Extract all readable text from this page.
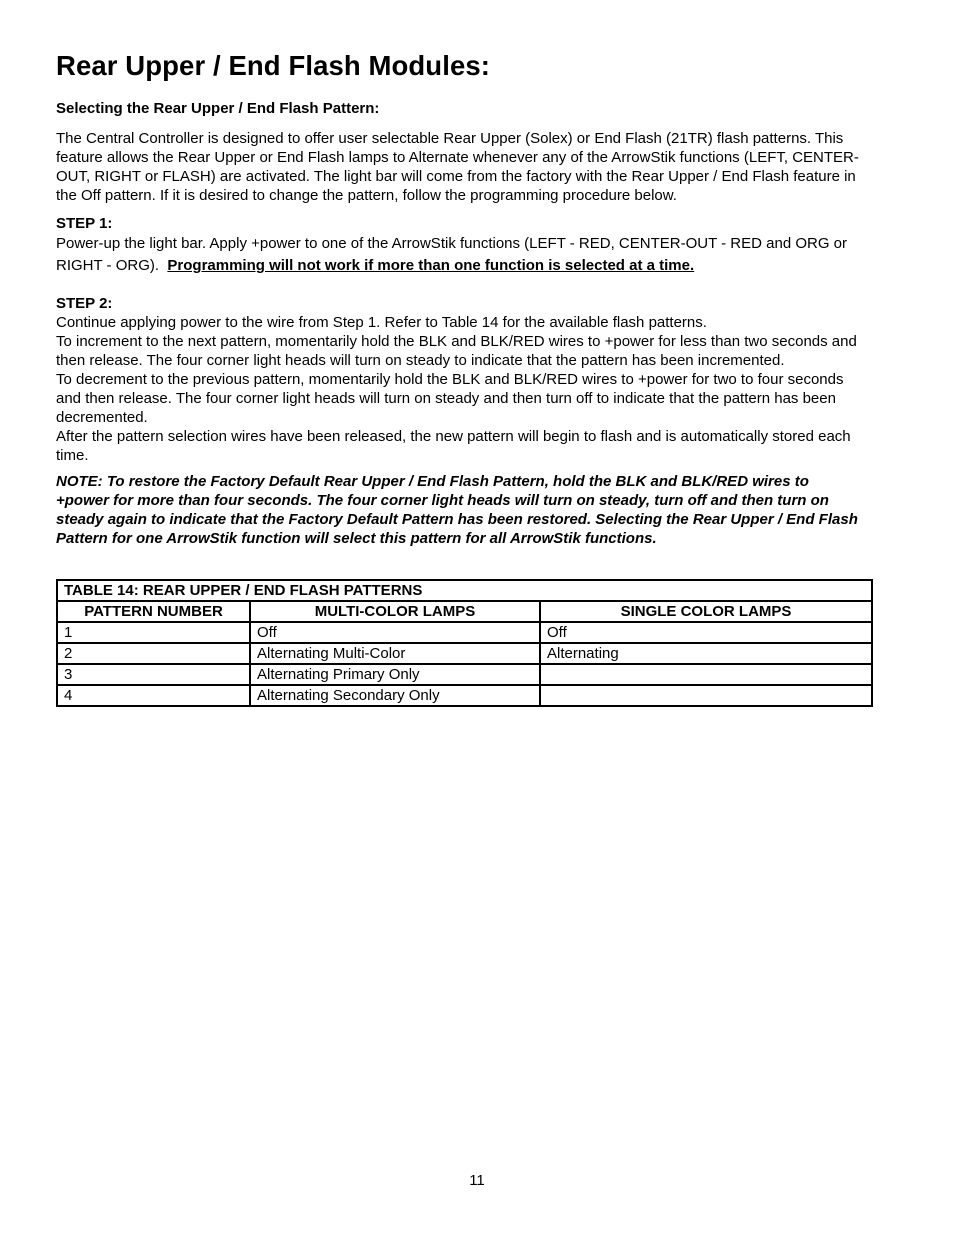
Rear Upper / End Flash Modules:

Selecting the Rear Upper / End Flash Pattern:

The Central Controller is designed to offer user selectable Rear Upper (Solex) or End Flash (21TR) flash patterns. This
feature allows the Rear Upper or End Flash lamps to Alternate whenever any of the ArrowStik functions (LEFT, CENTER-
OUT, RIGHT or FLASH) are activated. The light bar will come from the factory with the Rear Upper / End Flash feature in
the Off pattern. If it is desired to change the pattern, follow the programming procedure below.

STEP 1:

Power-up the light bar. Apply +power to one of the ArrowStik functions (LEFT - RED, CENTER-OUT - RED and ORG or
RIGHT - ORG). Programming will not work if more than one function is selected at a time.

STEP 2:

Continue applying power to the wire from Step 1. Refer to Table 14 for the available flash patterns.
To increment to the next pattern, momentarily hold the BLK and BLK/RED wires to +power for less than two seconds and
then release. The four corner light heads will turn on steady to indicate that the pattern has been incremented.
To decrement to the previous pattern, momentarily hold the BLK and BLK/RED wires to +power for two to four seconds
and then release. The four corner light heads will turn on steady and then turn off to indicate that the pattern has been
decremented.
After the pattern selection wires have been released, the new pattern will begin to flash and is automatically stored each
time.
NOTE: To restore the Factory Default Rear Upper / End Flash Pattern, hold the BLK and BLK/RED wires to
+power for more than four seconds. The four corner light heads will turn on steady, turn off and then turn on
steady again to indicate that the Factory Default Pattern has been restored. Selecting the Rear Upper / End Flash
Pattern for one ArrowStik function will select this pattern for all ArrowStik functions.
TABLE 14: REAR UPPER / END FLASH PATTERNS		
PATTERN NUMBER	MULTI-COLOR LAMPS	SINGLE COLOR LAMPS
1	Off	Off
2	Alternating Multi-Color	Alternating
3	Alternating Primary Only	
4	Alternating Secondary Only	

11
